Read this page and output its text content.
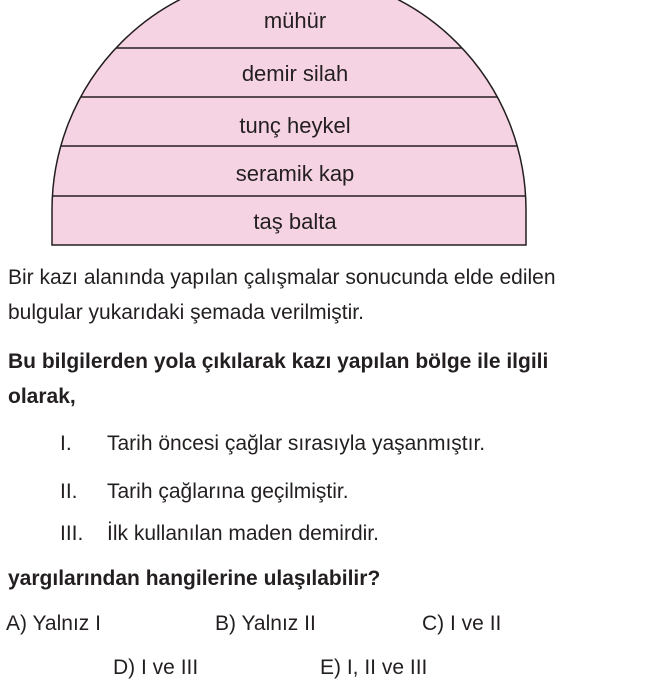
mühür
demir silah
tunç heykel
seramik kap
taş balta
Bir kazı alanında yapılan çalışmalar sonucunda elde edilen
bulgular yukarıdaki şemada verilmiştir.
Bu bilgilerden yola çıkılarak kazı yapılan bölge ile ilgili
olarak,
I. Tarih öncesi çağlar sırasıyla yaşanmıştır.
II. Tarih çağlarına geçilmiştir.
III. İlk kullanılan maden demirdir.
yargılarından hangilerine ulaşılabilir?
A) Yalnız I	B) Yalnız II	C) I ve II
D) I ve III	E) I, II ve III
